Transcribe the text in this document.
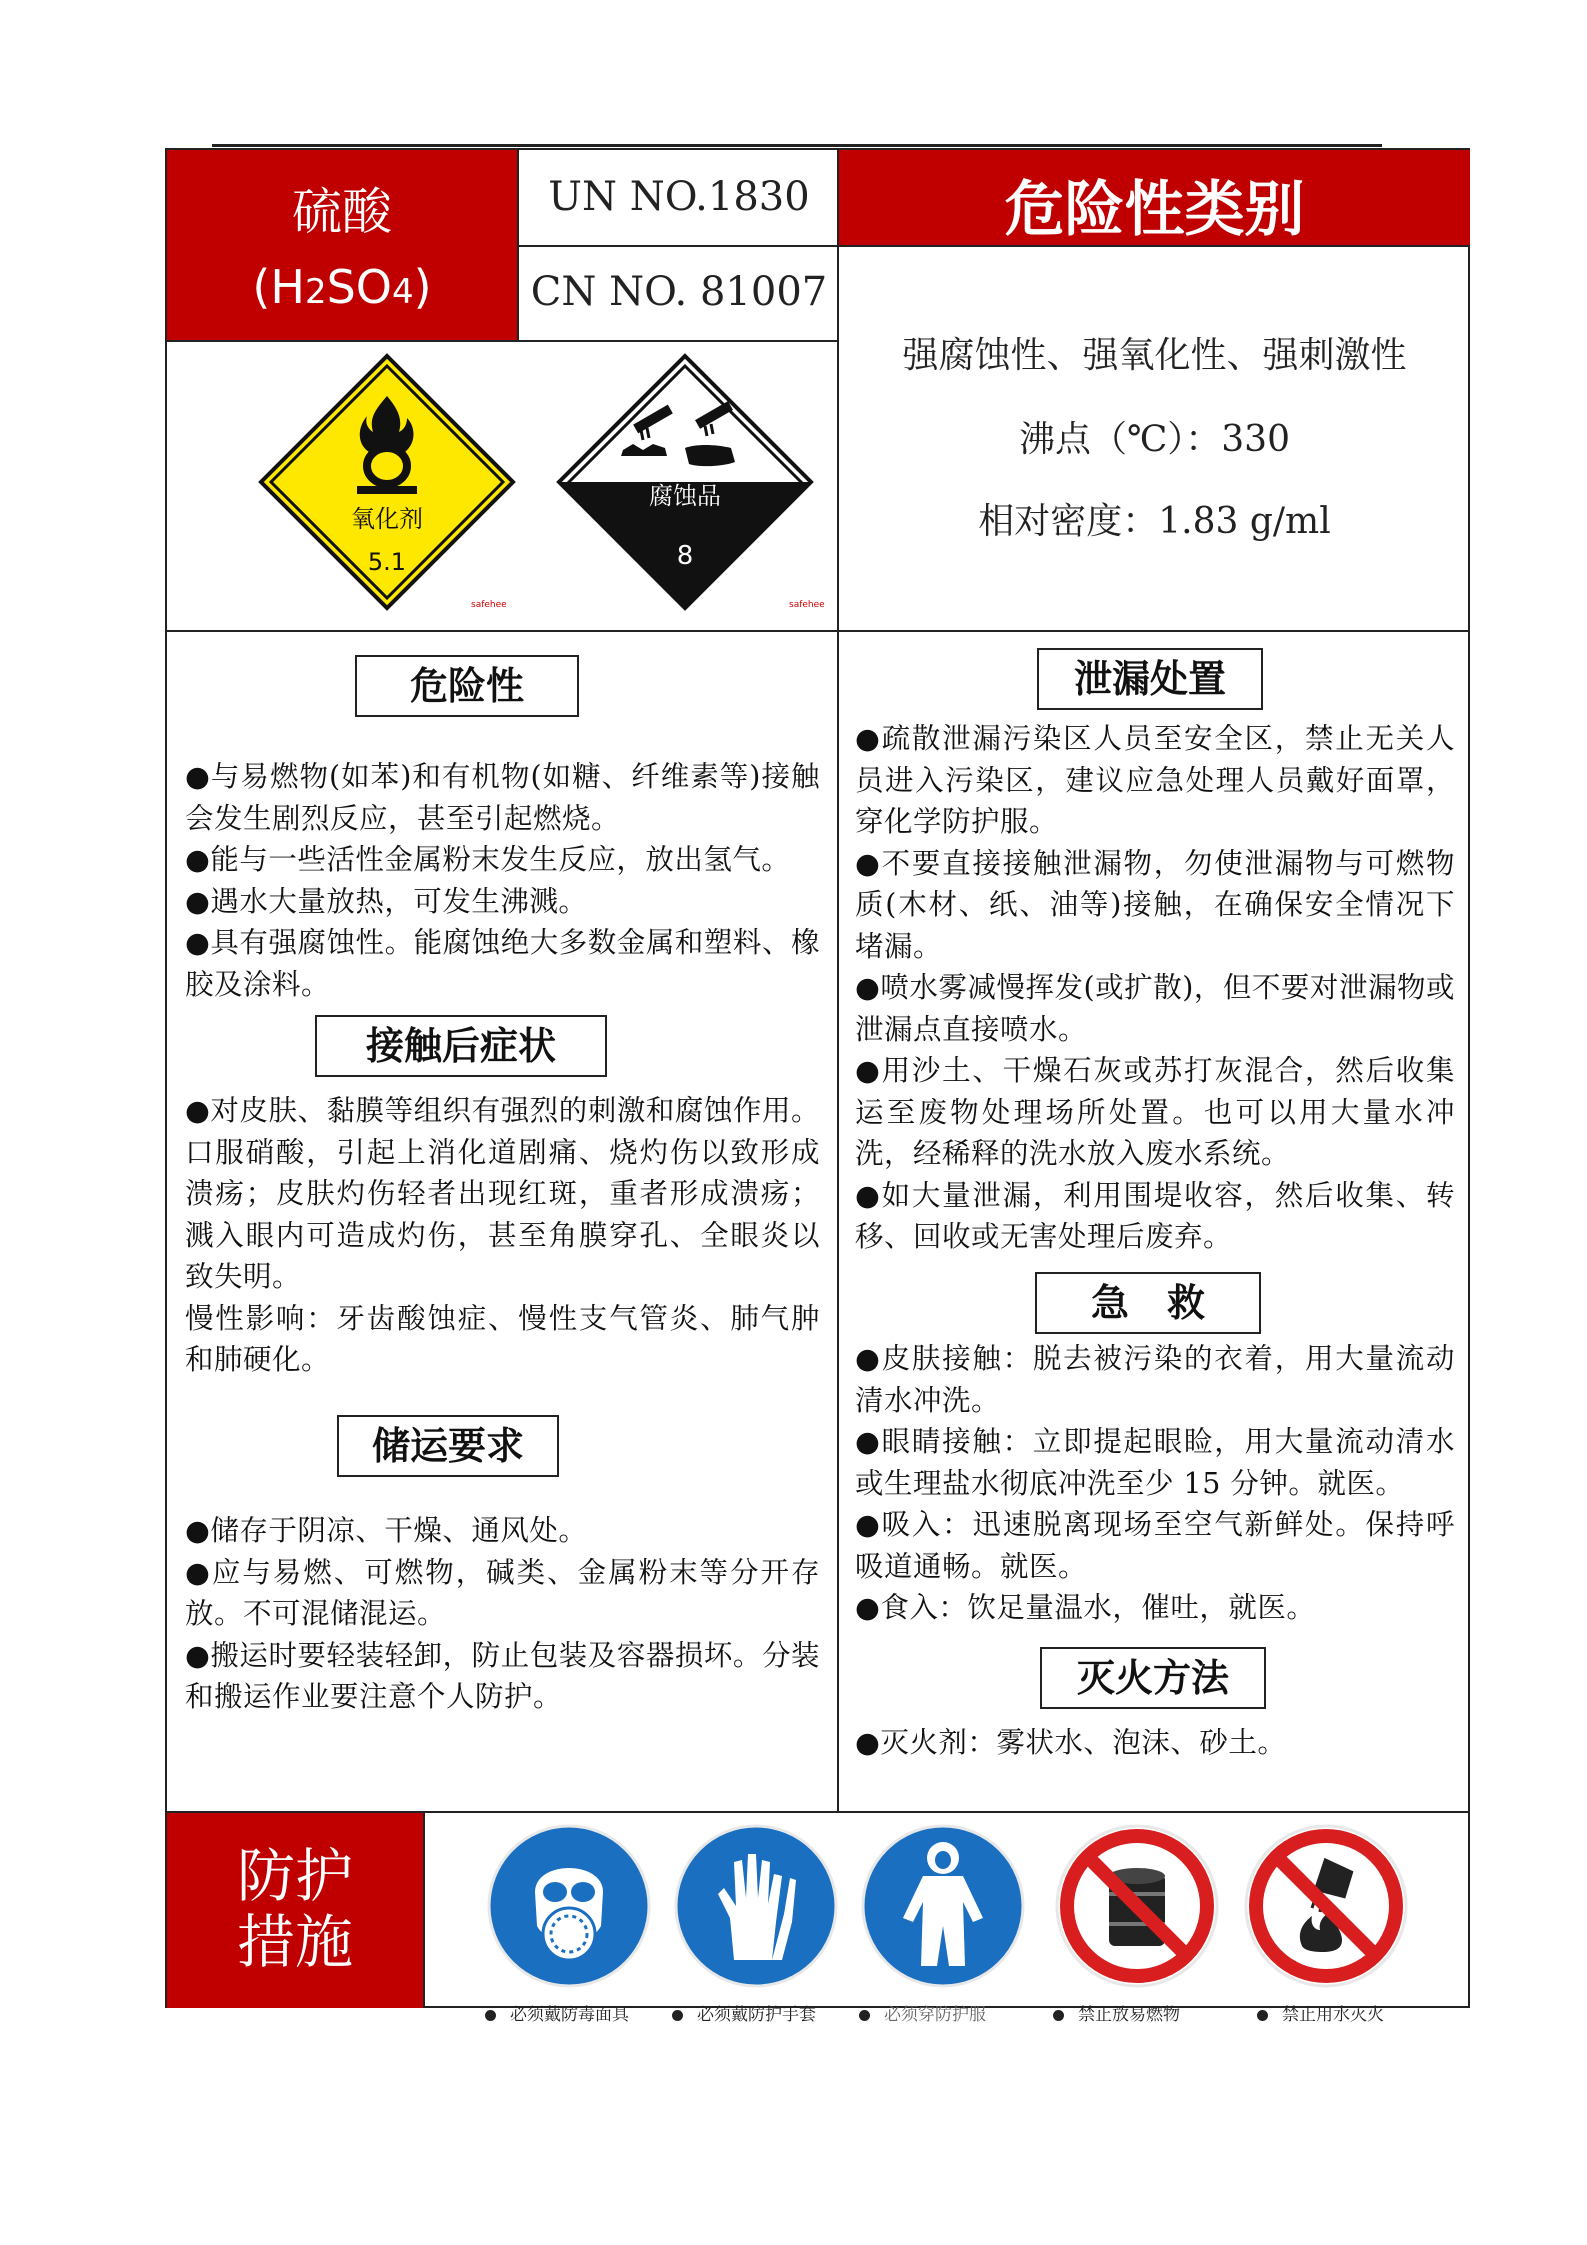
硫酸
(H2SO4)
UN NO.1830
CN NO. 81007
危险性类别
氧化剂
5.1
safehee
腐蚀品
8
safehee
强腐蚀性、强氧化性、强刺激性
沸点（℃）：330
相对密度：1.83 g/ml
危险性
●与易燃物(如苯)和有机物(如糖、纤维素等)接触会发生剧烈反应，甚至引起燃烧。
●能与一些活性金属粉末发生反应，放出氢气。
●遇水大量放热，可发生沸溅。
●具有强腐蚀性。能腐蚀绝大多数金属和塑料、橡胶及涂料。
接触后症状
●对皮肤、黏膜等组织有强烈的刺激和腐蚀作用。口服硝酸，引起上消化道剧痛、烧灼伤以致形成溃疡；皮肤灼伤轻者出现红斑，重者形成溃疡；溅入眼内可造成灼伤，甚至角膜穿孔、全眼炎以致失明。
慢性影响：牙齿酸蚀症、慢性支气管炎、肺气肿和肺硬化。
储运要求
●储存于阴凉、干燥、通风处。
●应与易燃、可燃物，碱类、金属粉末等分开存放。不可混储混运。
●搬运时要轻装轻卸，防止包装及容器损坏。分装和搬运作业要注意个人防护。
泄漏处置
●疏散泄漏污染区人员至安全区，禁止无关人员进入污染区，建议应急处理人员戴好面罩，穿化学防护服。
●不要直接接触泄漏物，勿使泄漏物与可燃物质(木材、纸、油等)接触，在确保安全情况下堵漏。
●喷水雾减慢挥发(或扩散)，但不要对泄漏物或泄漏点直接喷水。
●用沙土、干燥石灰或苏打灰混合，然后收集运至废物处理场所处置。也可以用大量水冲洗，经稀释的洗水放入废水系统。
●如大量泄漏，利用围堤收容，然后收集、转移、回收或无害处理后废弃。
急　救
●皮肤接触：脱去被污染的衣着，用大量流动清水冲洗。
●眼睛接触：立即提起眼睑，用大量流动清水或生理盐水彻底冲洗至少 15 分钟。就医。
●吸入：迅速脱离现场至空气新鲜处。保持呼吸道通畅。就医。
●食入：饮足量温水，催吐，就医。
灭火方法
●灭火剂：雾状水、泡沫、砂土。
防护
措施
必须戴防毒面具	必须戴防护手套	必须穿防护服	禁止放易燃物	禁止用水灭火
